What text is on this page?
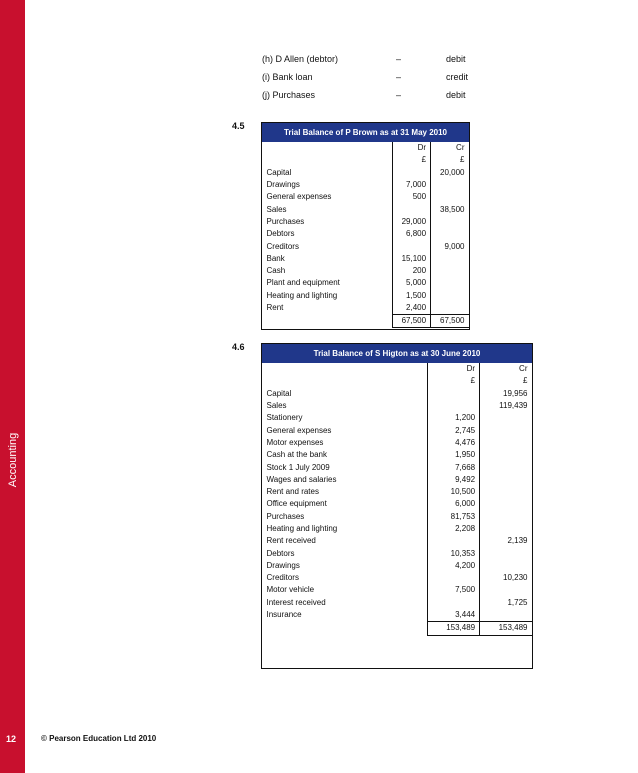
Accounting
12	© Pearson Education Ltd 2010
(h) D Allen (debtor)	–	debit
(i) Bank loan	–	credit
(j) Purchases	–	debit
4.5
Trial Balance of P Brown as at 31 May 2010		
	Dr	Cr
	£	£
Capital		20,000
Drawings	7,000	
General expenses	500	
Sales		38,500
Purchases	29,000	
Debtors	6,800	
Creditors		9,000
Bank	15,100	
Cash	200	
Plant and equipment	5,000	
Heating and lighting	1,500	
Rent	2,400	
	67,500	67,500
4.6
Trial Balance of S Higton as at 30 June 2010		
	Dr	Cr
	£	£
Capital		19,956
Sales		119,439
Stationery	1,200	
General expenses	2,745	
Motor expenses	4,476	
Cash at the bank	1,950	
Stock 1 July 2009	7,668	
Wages and salaries	9,492	
Rent and rates	10,500	
Office equipment	6,000	
Purchases	81,753	
Heating and lighting	2,208	
Rent received		2,139
Debtors	10,353	
Drawings	4,200	
Creditors		10,230
Motor vehicle	7,500	
Interest received		1,725
Insurance	3,444	
	153,489	153,489
